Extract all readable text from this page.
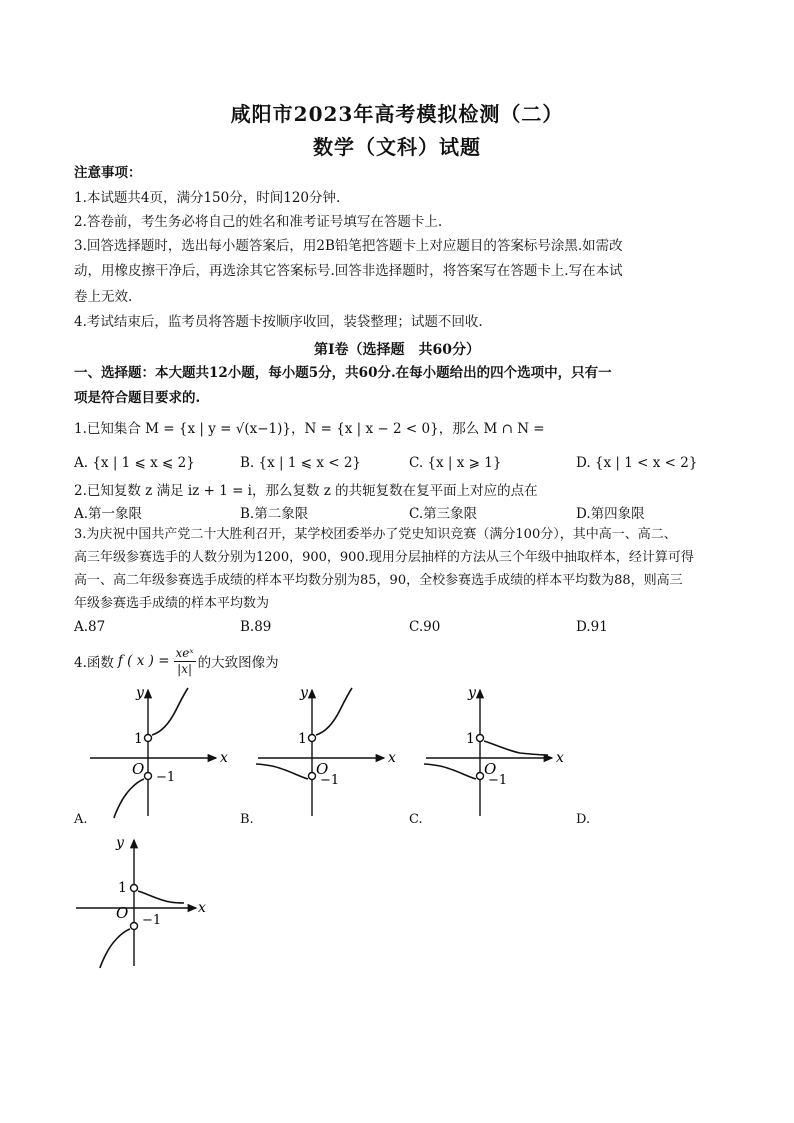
咸阳市2023年高考模拟检测（二）
数学（文科）试题
注意事项：
1.本试题共4页，满分150分，时间120分钟.
2.答卷前，考生务必将自己的姓名和准考证号填写在答题卡上.
3.回答选择题时，选出每小题答案后，用2B铅笔把答题卡上对应题目的答案标号涂黑.如需改
动，用橡皮擦干净后，再选涂其它答案标号.回答非选择题时，将答案写在答题卡上.写在本试
卷上无效.
4.考试结束后，监考员将答题卡按顺序收回，装袋整理；试题不回收.
第Ⅰ卷（选择题　共60分）
一、选择题：本大题共12小题，每小题5分，共60分.在每小题给出的四个选项中，只有一
项是符合题目要求的.
1.已知集合 M = {x | y = √(x−1)}，N = {x | x − 2 < 0}，那么 M ∩ N =
A. {x | 1 ⩽ x ⩽ 2}	B. {x | 1 ⩽ x < 2}	C. {x | x ⩾ 1}	D. {x | 1 < x < 2}
2.已知复数 z 满足 iz + 1 = i，那么复数 z 的共轭复数在复平面上对应的点在
A.第一象限	B.第二象限	C.第三象限	D.第四象限
3.为庆祝中国共产党二十大胜利召开，某学校团委举办了党史知识竞赛（满分100分），其中高一、高二、
高三年级参赛选手的人数分别为1200，900，900.现用分层抽样的方法从三个年级中抽取样本，经计算可得
高一、高二年级参赛选手成绩的样本平均数分别为85，90，全校参赛选手成绩的样本平均数为88，则高三
年级参赛选手成绩的样本平均数为
A.87	B.89	C.90	D.91
4.函数 f ( x ) =
xeˣ
|x| 的大致图像为
y
x
1
O −1
y
x
1
O
−1
y
x
1
O
−1
A.	B.	C.	D.
y
x
1
O −1
